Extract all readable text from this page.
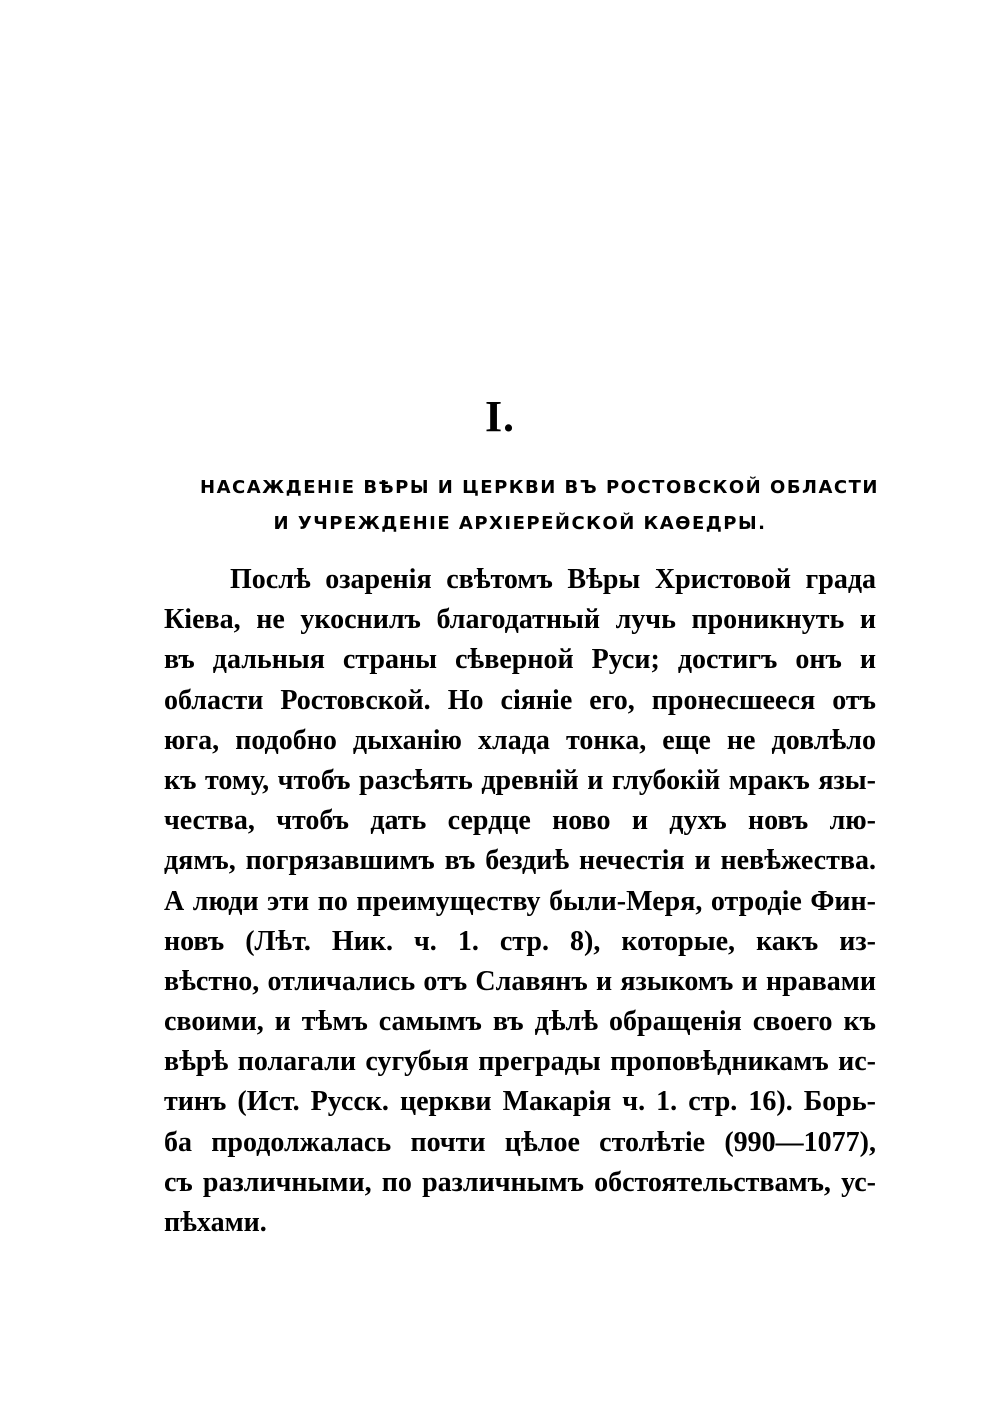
I.
НАСАЖДЕНІЕ ВѢРЫ И ЦЕРКВИ ВЪ РОСТОВСКОЙ ОБЛАСТИ
И УЧРЕЖДЕНІЕ АРХІЕРЕЙСКОЙ КАѲЕДРЫ.
Послѣ озаренія свѣтомъ Вѣры Христовой града
Кіева, не укоснилъ благодатный лучь проникнуть и
въ дальныя страны сѣверной Руси; достигъ онъ и
области Ростовской. Но сіяніе его, пронесшееся отъ
юга, подобно дыханію хлада тонка, еще не довлѣло
къ тому, чтобъ разсѣять древній и глубокій мракъ язы-
чества, чтобъ дать сердце ново и духъ новъ лю-
дямъ, погрязавшимъ въ бездиѣ нечестія и невѣжества.
А люди эти по преимуществу были-Меря, отродіе Фин-
новъ (Лѣт. Ник. ч. 1. стр. 8), которые, какъ из-
вѣстно, отличались отъ Славянъ и языкомъ и нравами
своими, и тѣмъ самымъ въ дѣлѣ обращенія своего къ
вѣрѣ полагали сугубыя преграды проповѣдникамъ ис-
тинъ (Ист. Русск. церкви Макарія ч. 1. стр. 16). Борь-
ба продолжалась почти цѣлое столѣтіе (990—1077),
съ различными, по различнымъ обстоятельствамъ, ус-
пѣхами.
